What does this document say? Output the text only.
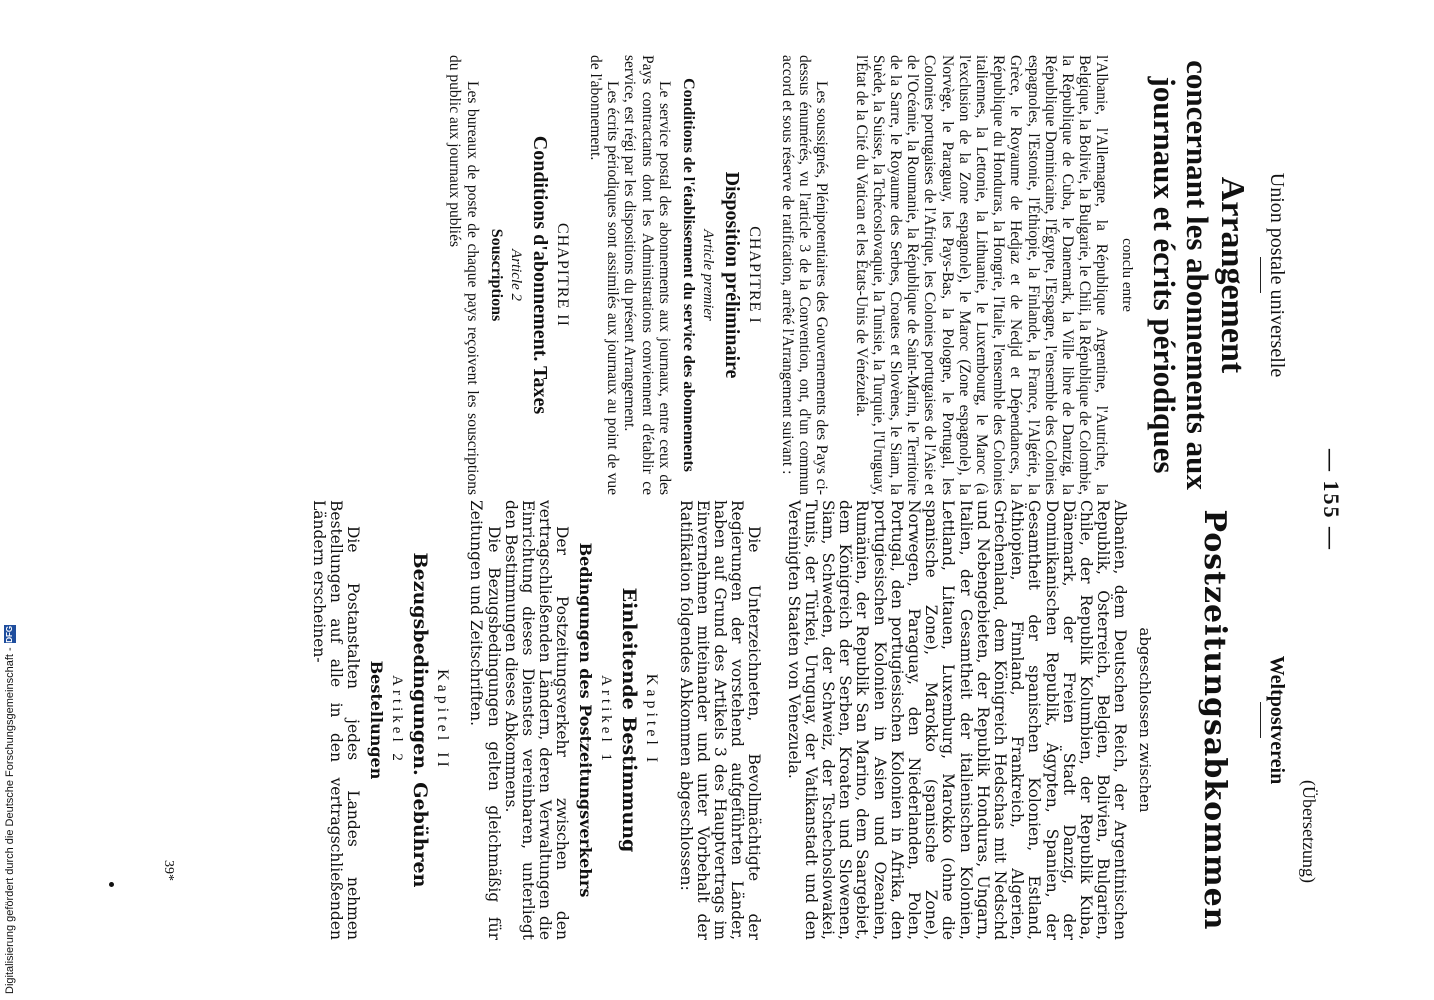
— 155 —
(Übersetzung)
Union postale universelle
Arrangement
concernant les abonnements aux
journaux et écrits périodiques
conclu entre

l'Albanie, l'Allemagne, la République Argentine, l'Autriche, la Belgique, la Bolivie, la Bulgarie, le Chili, la République de Colombie, la République de Cuba, le Danemark, la Ville libre de Dantzig, la République Dominicaine, l'Égypte, l'Espagne, l'ensemble des Colonies espagnoles, l'Estonie, l'Éthiopie, la Finlande, la France, l'Algérie, la Grèce, le Royaume de Hedjaz et de Nedjd et Dépendances, la République du Honduras, la Hongrie, l'Italie, l'ensemble des Colonies italiennes, la Lettonie, la Lithuanie, le Luxembourg, le Maroc (à l'exclusion de la Zone espagnole), le Maroc (Zone espagnole), la Norvège, le Paraguay, les Pays-Bas, la Pologne, le Portugal, les Colonies portugaises de l'Afrique, les Colonies portugaises de l'Asie et de l'Océanie, la Roumanie, la République de Saint-Marin, le Territoire de la Sarre, le Royaume des Serbes, Croates et Slovènes, le Siam, la Suède, la Suisse, la Tchécoslovaquie, la Tunisie, la Turquie, l'Uruguay, l'État de la Cité du Vatican et les États-Unis de Vénézuéla.

Les soussignés, Plénipotentiaires des Gouvernements des Pays ci-dessus énumérés, vu l'article 3 de la Convention, ont, d'un commun accord et sous réserve de ratification, arrêté l'Arrangement suivant :

CHAPITRE I
Disposition préliminaire
Article premier
Conditions de l'établissement du service des abonnements

Le service postal des abonnements aux journaux, entre ceux des Pays contractants dont les Administrations conviennent d'établir ce service, est régi par les dispositions du présent Arrangement.

Les écrits périodiques sont assimilés aux journaux au point de vue de l'abonnement.

CHAPITRE II
Conditions d'abonnement. Taxes
Article 2
Souscriptions

Les bureaux de poste de chaque pays reçoivent les souscriptions du public aux journaux publiés

Weltpostverein
Postzeitungsabkommen
abgeschlossen zwischen

Albanien, dem Deutschen Reich, der Argentinischen Republik, Österreich, Belgien, Bolivien, Bulgarien, Chile, der Republik Kolumbien, der Republik Kuba, Dänemark, der Freien Stadt Danzig, der Dominikanischen Republik, Ägypten, Spanien, der Gesamtheit der spanischen Kolonien, Estland, Äthiopien, Finnland, Frankreich, Algerien, Griechenland, dem Königreich Hedschas mit Nedschd und Nebengebieten, der Republik Honduras, Ungarn, Italien, der Gesamtheit der italienischen Kolonien, Lettland, Litauen, Luxemburg, Marokko (ohne die spanische Zone), Marokko (spanische Zone), Norwegen, Paraguay, den Niederlanden, Polen, Portugal, den portugiesischen Kolonien in Afrika, den portugiesischen Kolonien in Asien und Ozeanien, Rumänien, der Republik San Marino, dem Saargebiet, dem Königreich der Serben, Kroaten und Slowenen, Siam, Schweden, der Schweiz, der Tschechoslowakei, Tunis, der Türkei, Uruguay, der Vatikanstadt und den Vereinigten Staaten von Venezuela.

Die Unterzeichneten, Bevollmächtigte der Regierungen der vorstehend aufgeführten Länder, haben auf Grund des Artikels 3 des Hauptvertrags im Einvernehmen miteinander und unter Vorbehalt der Ratifikation folgendes Abkommen abgeschlossen:

Kapitel I
Einleitende Bestimmung
Artikel 1
Bedingungen des Postzeitungsverkehrs

Der Postzeitungsverkehr zwischen den vertragschließenden Ländern, deren Verwaltungen die Einrichtung dieses Dienstes vereinbaren, unterliegt den Bestimmungen dieses Abkommens.

Die Bezugsbedingungen gelten gleichmäßig für Zeitungen und Zeitschriften.

Kapitel II
Bezugsbedingungen. Gebühren
Artikel 2
Bestellungen

Die Postanstalten jedes Landes nehmen Bestellungen auf alle in den vertragschließenden Ländern erscheinen-

39*
Digitalisierung gefördert durch die Deutsche Forschungsgemeinschaft -
DFG
